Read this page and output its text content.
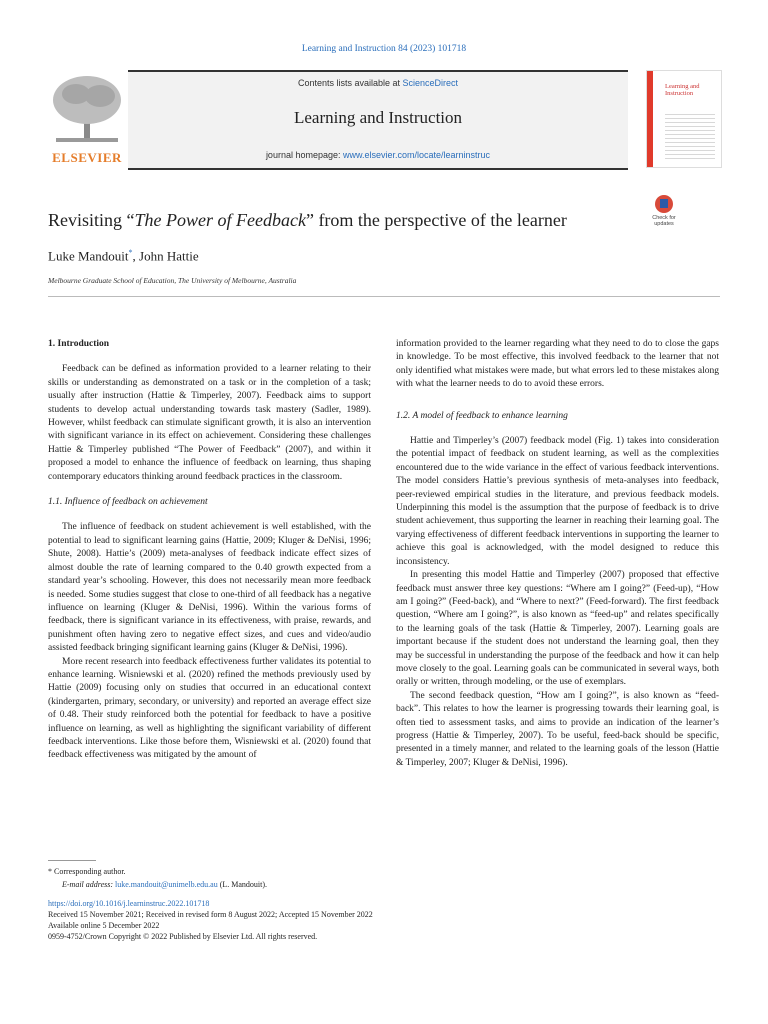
Learning and Instruction 84 (2023) 101718
ELSEVIER
Contents lists available at ScienceDirect
Learning and Instruction
journal homepage: www.elsevier.com/locate/learninstruc
Learning and Instruction
Revisiting “The Power of Feedback” from the perspective of the learner	Check for updates
Luke Mandouit*, John Hattie
Melbourne Graduate School of Education, The University of Melbourne, Australia
1. Introduction

Feedback can be defined as information provided to a learner relating to their skills or understanding as demonstrated on a task or in the completion of a task; usually after instruction (Hattie & Timperley, 2007). Feedback aims to support students to develop actual understanding towards task mastery (Sadler, 1989). However, whilst feedback can stimulate significant growth, it is also an intervention with significant variance in its effect on achievement. Considering these challenges Hattie & Timperley published “The Power of Feedback” (2007), and within it proposed a model to enhance the influence of feedback on learning, thus shaping contemporary educators thinking around feedback practices in the classroom.

1.1. Influence of feedback on achievement

The influence of feedback on student achievement is well established, with the potential to lead to significant learning gains (Hattie, 2009; Kluger & DeNisi, 1996; Shute, 2008). Hattie’s (2009) meta-analyses of feedback indicate effect sizes of almost double the rate of learning compared to the 0.40 growth expected from a standard year’s schooling. However, this does not necessarily mean more feedback is needed. Some studies suggest that close to one-third of all feedback has a negative influence on learning (Kluger & DeNisi, 1996). Within the various forms of feedback, there is significant variance in its effectiveness, with praise, rewards, and punishment often having zero to negative effect sizes, and cues and video/audio assisted feedback bringing significant learning gains (Kluger & DeNisi, 1996).

More recent research into feedback effectiveness further validates its potential to enhance learning. Wisniewski et al. (2020) refined the methods previously used by Hattie (2009) focusing only on studies that occurred in an educational context (kindergarten, primary, secondary, or university) and reported an average effect size of 0.48. Their study reinforced both the potential for feedback to have a positive influence on learning, as well as highlighting the significant variability of different feedback interventions. Like those before them, Wisniewski et al. (2020) found that feedback effectiveness was mitigated by the amount of

information provided to the learner regarding what they need to do to close the gaps in knowledge. To be most effective, this involved feedback to the learner that not only identified what mistakes were made, but what errors led to these mistakes along with what the learner needs to do to avoid these errors.

1.2. A model of feedback to enhance learning

Hattie and Timperley’s (2007) feedback model (Fig. 1) takes into consideration the potential impact of feedback on student learning, as well as the complexities encountered due to the wide variance in the effect of various feedback interventions. The model considers Hattie’s previous synthesis of meta-analyses into feedback, peer-reviewed empirical studies in the literature, and previous feedback models. Underpinning this model is the assumption that the purpose of feedback is to drive student achievement, thus supporting the learner in reaching their learning goal. The varying effectiveness of different feedback interventions in supporting the learner to achieve this goal is acknowledged, with the model designed to reduce this inconsistency.

In presenting this model Hattie and Timperley (2007) proposed that effective feedback must answer three key questions: “Where am I going?” (Feed-up), “How am I going?” (Feed-back), and “Where to next?” (Feed-forward). The first feedback question, “Where am I going?”, is also known as “feed-up” and relates specifically to the learning goals of the task (Hattie & Timperley, 2007). Learning goals are important because if the student does not understand the learning goal, then they may be successful in understanding the purpose of the feedback and how it can help move closely to the goal. Learning goals can be communicated in several ways, both orally or written, through modeling, or the use of exemplars.

The second feedback question, “How am I going?”, is also known as “feed-back”. This relates to how the learner is progressing towards their learning goal, is often tied to assessment tasks, and aims to provide an indication of the learner’s progress (Hattie & Timperley, 2007). To be useful, feed-back should be specific, presented in a timely manner, and related to the learning goals of the lesson (Hattie & Timperley, 2007; Kluger & DeNisi, 1996).

* Corresponding author.
E-mail address: luke.mandouit@unimelb.edu.au (L. Mandouit).
https://doi.org/10.1016/j.learninstruc.2022.101718
Received 15 November 2021; Received in revised form 8 August 2022; Accepted 15 November 2022
Available online 5 December 2022
0959-4752/Crown Copyright © 2022 Published by Elsevier Ltd. All rights reserved.
